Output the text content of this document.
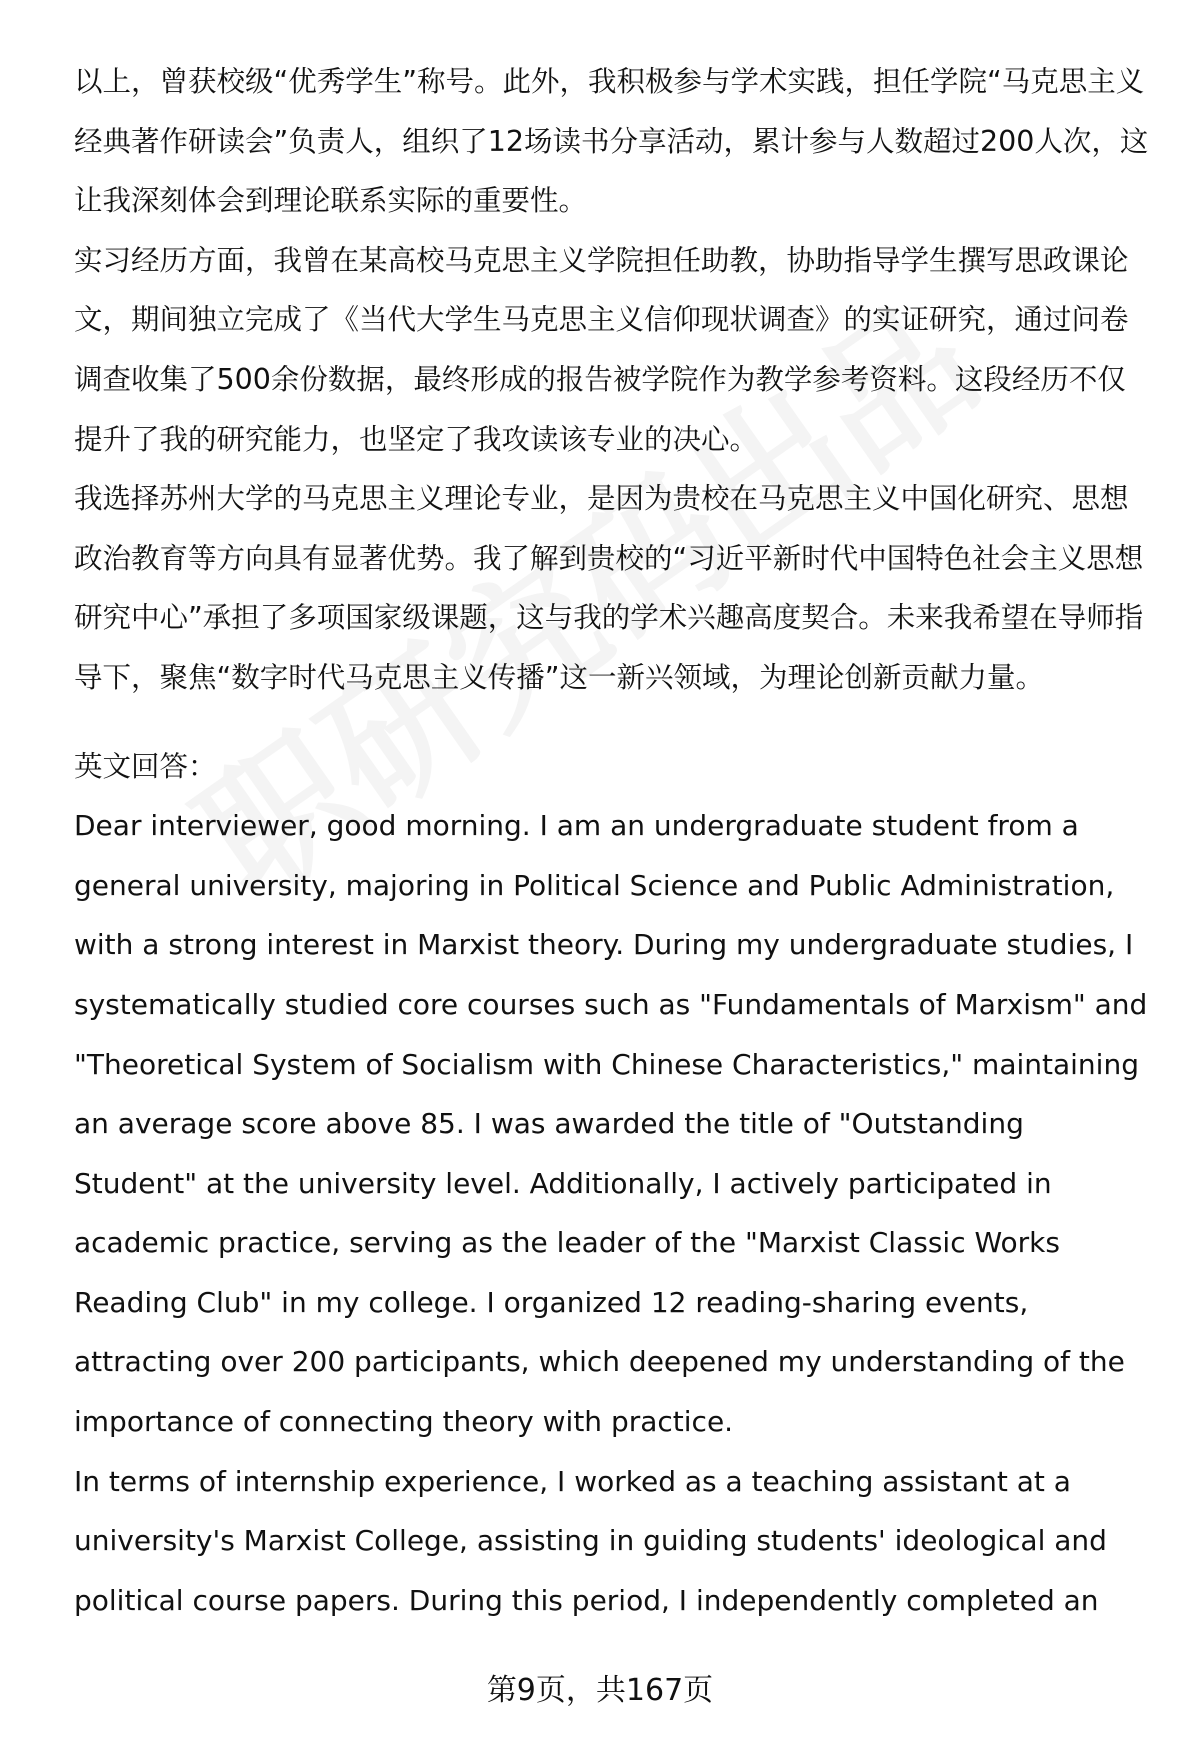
以上，曾获校级“优秀学生”称号。此外，我积极参与学术实践，担任学院“马克思主义经典著作研读会”负责人，组织了12场读书分享活动，累计参与人数超过200人次，这让我深刻体会到理论联系实际的重要性。

实习经历方面，我曾在某高校马克思主义学院担任助教，协助指导学生撰写思政课论文，期间独立完成了《当代大学生马克思主义信仰现状调查》的实证研究，通过问卷调查收集了500余份数据，最终形成的报告被学院作为教学参考资料。这段经历不仅提升了我的研究能力，也坚定了我攻读该专业的决心。

我选择苏州大学的马克思主义理论专业，是因为贵校在马克思主义中国化研究、思想政治教育等方向具有显著优势。我了解到贵校的“习近平新时代中国特色社会主义思想研究中心”承担了多项国家级课题，这与我的学术兴趣高度契合。未来我希望在导师指导下，聚焦“数字时代马克思主义传播”这一新兴领域，为理论创新贡献力量。

英文回答：

Dear interviewer, good morning. I am an undergraduate student from a general university, majoring in Political Science and Public Administration, with a strong interest in Marxist theory. During my undergraduate studies, I systematically studied core courses such as "Fundamentals of Marxism" and "Theoretical System of Socialism with Chinese Characteristics," maintaining an average score above 85. I was awarded the title of "Outstanding Student" at the university level. Additionally, I actively participated in academic practice, serving as the leader of the "Marxist Classic Works Reading Club" in my college. I organized 12 reading-sharing events, attracting over 200 participants, which deepened my understanding of the importance of connecting theory with practice.

In terms of internship experience, I worked as a teaching assistant at a university's Marxist College, assisting in guiding students' ideological and political course papers. During this period, I independently completed an

第9页，共167页
